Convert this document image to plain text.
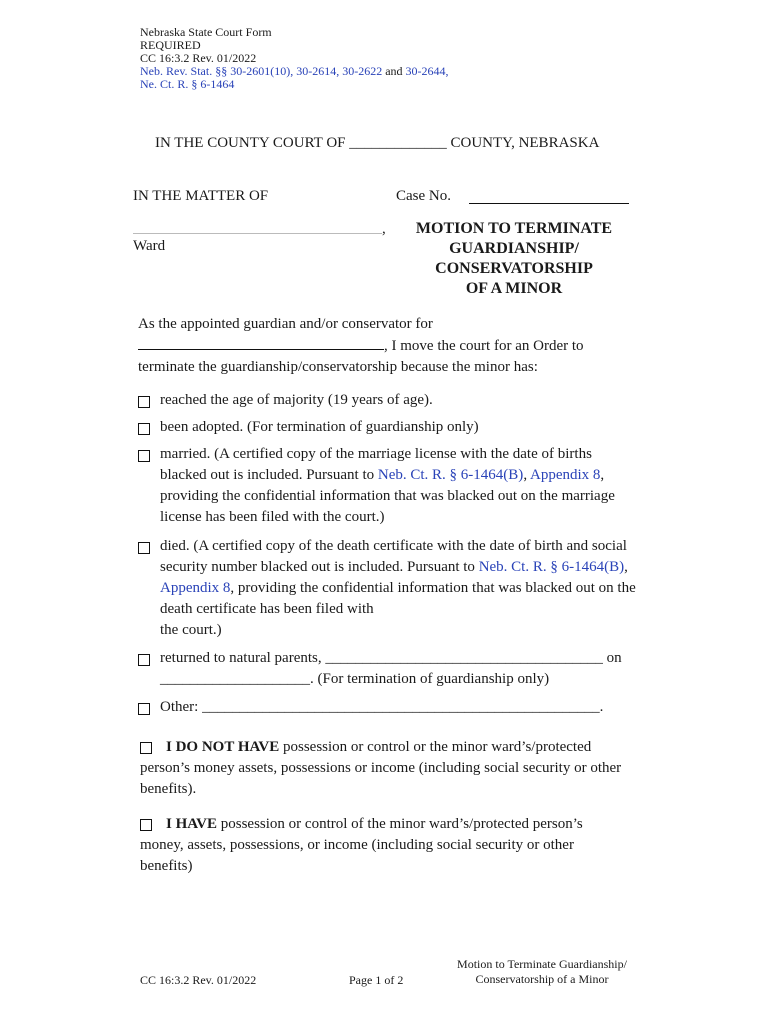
Nebraska State Court Form
REQUIRED
CC 16:3.2 Rev. 01/2022
Neb. Rev. Stat. §§ 30-2601(10), 30-2614, 30-2622 and 30-2644,
Ne. Ct. R. § 6-1464
IN THE COUNTY COURT OF _____________ COUNTY, NEBRASKA
IN THE MATTER OF	Case No.
,
Ward
MOTION TO TERMINATE
GUARDIANSHIP/
CONSERVATORSHIP
OF A MINOR
As the appointed guardian and/or conservator for
, I move the court for an Order to
terminate the guardianship/conservatorship because the minor has:
reached the age of majority (19 years of age).
been adopted. (For termination of guardianship only)
married. (A certified copy of the marriage license with the date of births
blacked out is included. Pursuant to Neb. Ct. R. § 6-1464(B), Appendix 8,
providing the confidential information that was blacked out on the marriage
license has been filed with the court.)
died. (A certified copy of the death certificate with the date of birth and social
security number blacked out is included. Pursuant to Neb. Ct. R. § 6-1464(B),
Appendix 8, providing the confidential information that was blacked out on the
death certificate has been filed with
the court.)
returned to natural parents, _____________________________________ on
____________________. (For termination of guardianship only)
Other: _____________________________________________________.
I DO NOT HAVE possession or control or the minor ward’s/protected
person’s money assets, possessions or income (including social security or other
benefits).
I HAVE possession or control of the minor ward’s/protected person’s
money, assets, possessions, or income (including social security or other
benefits)
CC 16:3.2 Rev. 01/2022	Page 1 of 2
Motion to Terminate Guardianship/
Conservatorship of a Minor
